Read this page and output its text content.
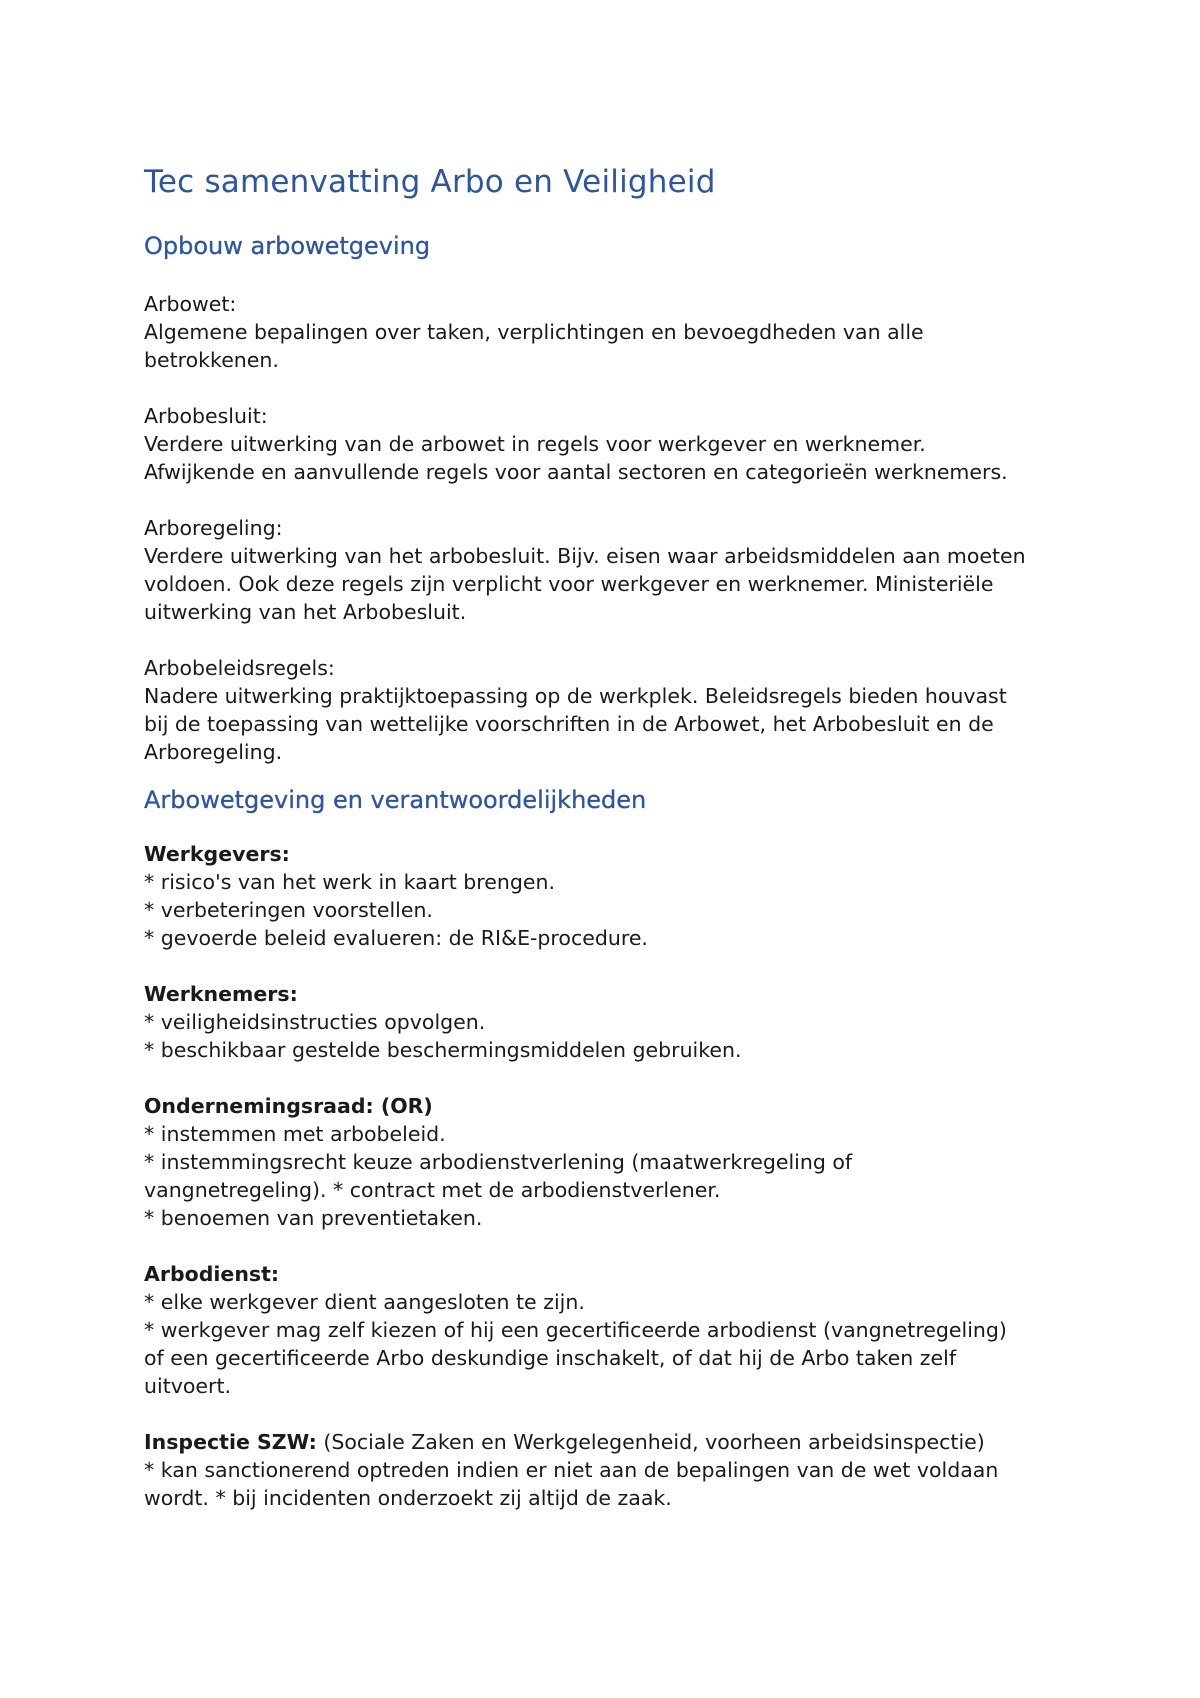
Tec samenvatting Arbo en Veiligheid
Opbouw arbowetgeving

Arbowet:
Algemene bepalingen over taken, verplichtingen en bevoegdheden van alle
betrokkenen.

Arbobesluit:
Verdere uitwerking van de arbowet in regels voor werkgever en werknemer.
Afwijkende en aanvullende regels voor aantal sectoren en categorieën werknemers.

Arboregeling:
Verdere uitwerking van het arbobesluit. Bijv. eisen waar arbeidsmiddelen aan moeten
voldoen. Ook deze regels zijn verplicht voor werkgever en werknemer. Ministeriële
uitwerking van het Arbobesluit.

Arbobeleidsregels:
Nadere uitwerking praktijktoepassing op de werkplek. Beleidsregels bieden houvast
bij de toepassing van wettelijke voorschriften in de Arbowet, het Arbobesluit en de
Arboregeling.

Arbowetgeving en verantwoordelijkheden

Werkgevers:
* risico's van het werk in kaart brengen.
* verbeteringen voorstellen.
* gevoerde beleid evalueren: de RI&E-procedure.

Werknemers:
* veiligheidsinstructies opvolgen.
* beschikbaar gestelde beschermingsmiddelen gebruiken.

Ondernemingsraad: (OR)
* instemmen met arbobeleid.
* instemmingsrecht keuze arbodienstverlening (maatwerkregeling of
vangnetregeling). * contract met de arbodienstverlener.
* benoemen van preventietaken.

Arbodienst:
* elke werkgever dient aangesloten te zijn.
* werkgever mag zelf kiezen of hij een gecertificeerde arbodienst (vangnetregeling)
of een gecertificeerde Arbo deskundige inschakelt, of dat hij de Arbo taken zelf
uitvoert.

Inspectie SZW: (Sociale Zaken en Werkgelegenheid, voorheen arbeidsinspectie)
* kan sanctionerend optreden indien er niet aan de bepalingen van de wet voldaan
wordt. * bij incidenten onderzoekt zij altijd de zaak.
